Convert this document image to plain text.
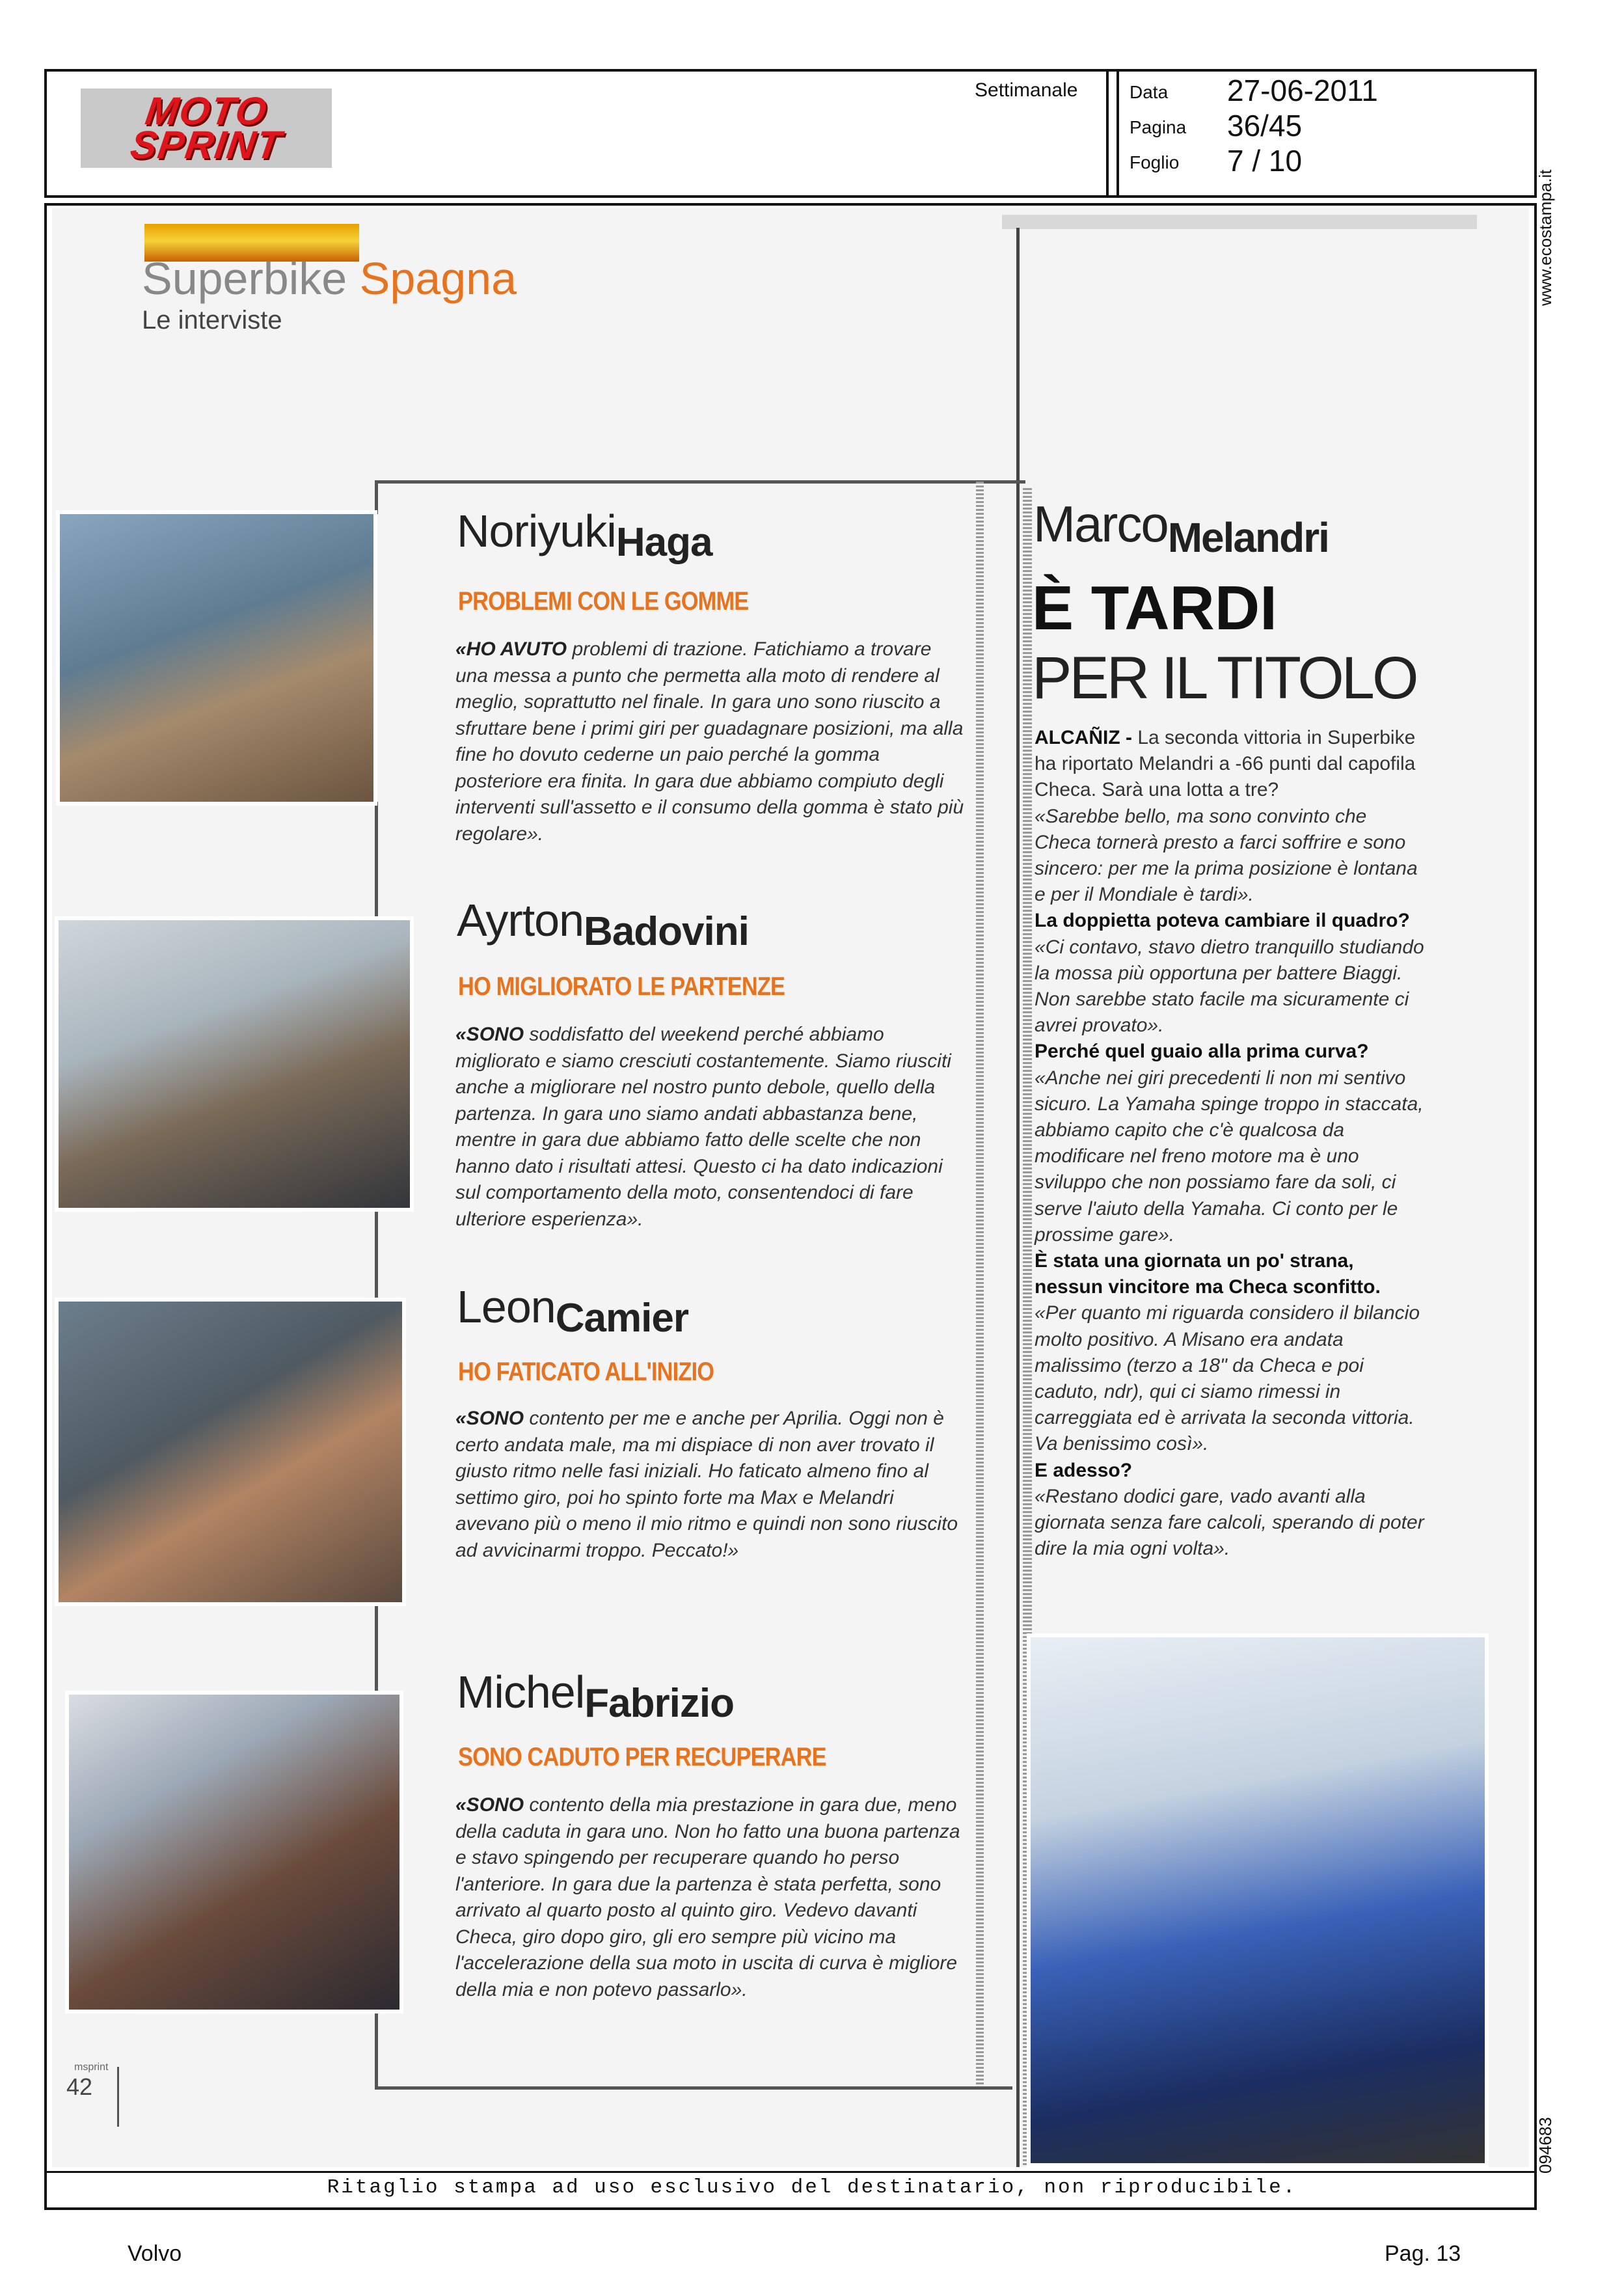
MOTO
SPRINT
Settimanale	Data 27-06-2011
Pagina 36/45
Foglio 7 / 10
www.ecostampa.it
094683
Superbike Spagna
Le interviste
NoriyukiHaga
PROBLEMI CON LE GOMME
«HO AVUTO problemi di trazione. Fatichiamo a trovare una messa a punto che permetta alla moto di rendere al meglio, soprattutto nel finale. In gara uno sono riuscito a sfruttare bene i primi giri per guadagnare posizioni, ma alla fine ho dovuto cederne un paio perché la gomma posteriore era finita. In gara due abbiamo compiuto degli interventi sull'assetto e il consumo della gomma è stato più regolare».
AyrtonBadovini
HO MIGLIORATO LE PARTENZE
«SONO soddisfatto del weekend perché abbiamo migliorato e siamo cresciuti costantemente. Siamo riusciti anche a migliorare nel nostro punto debole, quello della partenza. In gara uno siamo andati abbastanza bene, mentre in gara due abbiamo fatto delle scelte che non hanno dato i risultati attesi. Questo ci ha dato indicazioni sul comportamento della moto, consentendoci di fare ulteriore esperienza».
LeonCamier
HO FATICATO ALL'INIZIO
«SONO contento per me e anche per Aprilia. Oggi non è certo andata male, ma mi dispiace di non aver trovato il giusto ritmo nelle fasi iniziali. Ho faticato almeno fino al settimo giro, poi ho spinto forte ma Max e Melandri avevano più o meno il mio ritmo e quindi non sono riuscito ad avvicinarmi troppo. Peccato!»
MichelFabrizio
SONO CADUTO PER RECUPERARE
«SONO contento della mia prestazione in gara due, meno della caduta in gara uno. Non ho fatto una buona partenza e stavo spingendo per recuperare quando ho perso l'anteriore. In gara due la partenza è stata perfetta, sono arrivato al quarto posto al quinto giro. Vedevo davanti Checa, giro dopo giro, gli ero sempre più vicino ma l'accelerazione della sua moto in uscita di curva è migliore della mia e non potevo passarlo».
Marco$_{Melandri}$
È TARDI
PER IL TITOLO

ALCAÑIZ - La seconda vittoria in Superbike ha riportato Melandri a -66 punti dal capofila Checa. Sarà una lotta a tre?

«Sarebbe bello, ma sono convinto che Checa tornerà presto a farci soffrire e sono sincero: per me la prima posizione è lontana e per il Mondiale è tardi».

La doppietta poteva cambiare il quadro?

«Ci contavo, stavo dietro tranquillo studiando la mossa più opportuna per battere Biaggi. Non sarebbe stato facile ma sicuramente ci avrei provato».

Perché quel guaio alla prima curva?

«Anche nei giri precedenti li non mi sentivo sicuro. La Yamaha spinge troppo in staccata, abbiamo capito che c'è qualcosa da modificare nel freno motore ma è uno sviluppo che non possiamo fare da soli, ci serve l'aiuto della Yamaha. Ci conto per le prossime gare».

È stata una giornata un po' strana, nessun vincitore ma Checa sconfitto.

«Per quanto mi riguarda considero il bilancio molto positivo. A Misano era andata malissimo (terzo a 18" da Checa e poi caduto, ndr), qui ci siamo rimessi in carreggiata ed è arrivata la seconda vittoria. Va benissimo così».

E adesso?

«Restano dodici gare, vado avanti alla giornata senza fare calcoli, sperando di poter dire la mia ogni volta».

msprint
42
Ritaglio stampa ad uso esclusivo del destinatario, non riproducibile.
Volvo	Pag. 13
